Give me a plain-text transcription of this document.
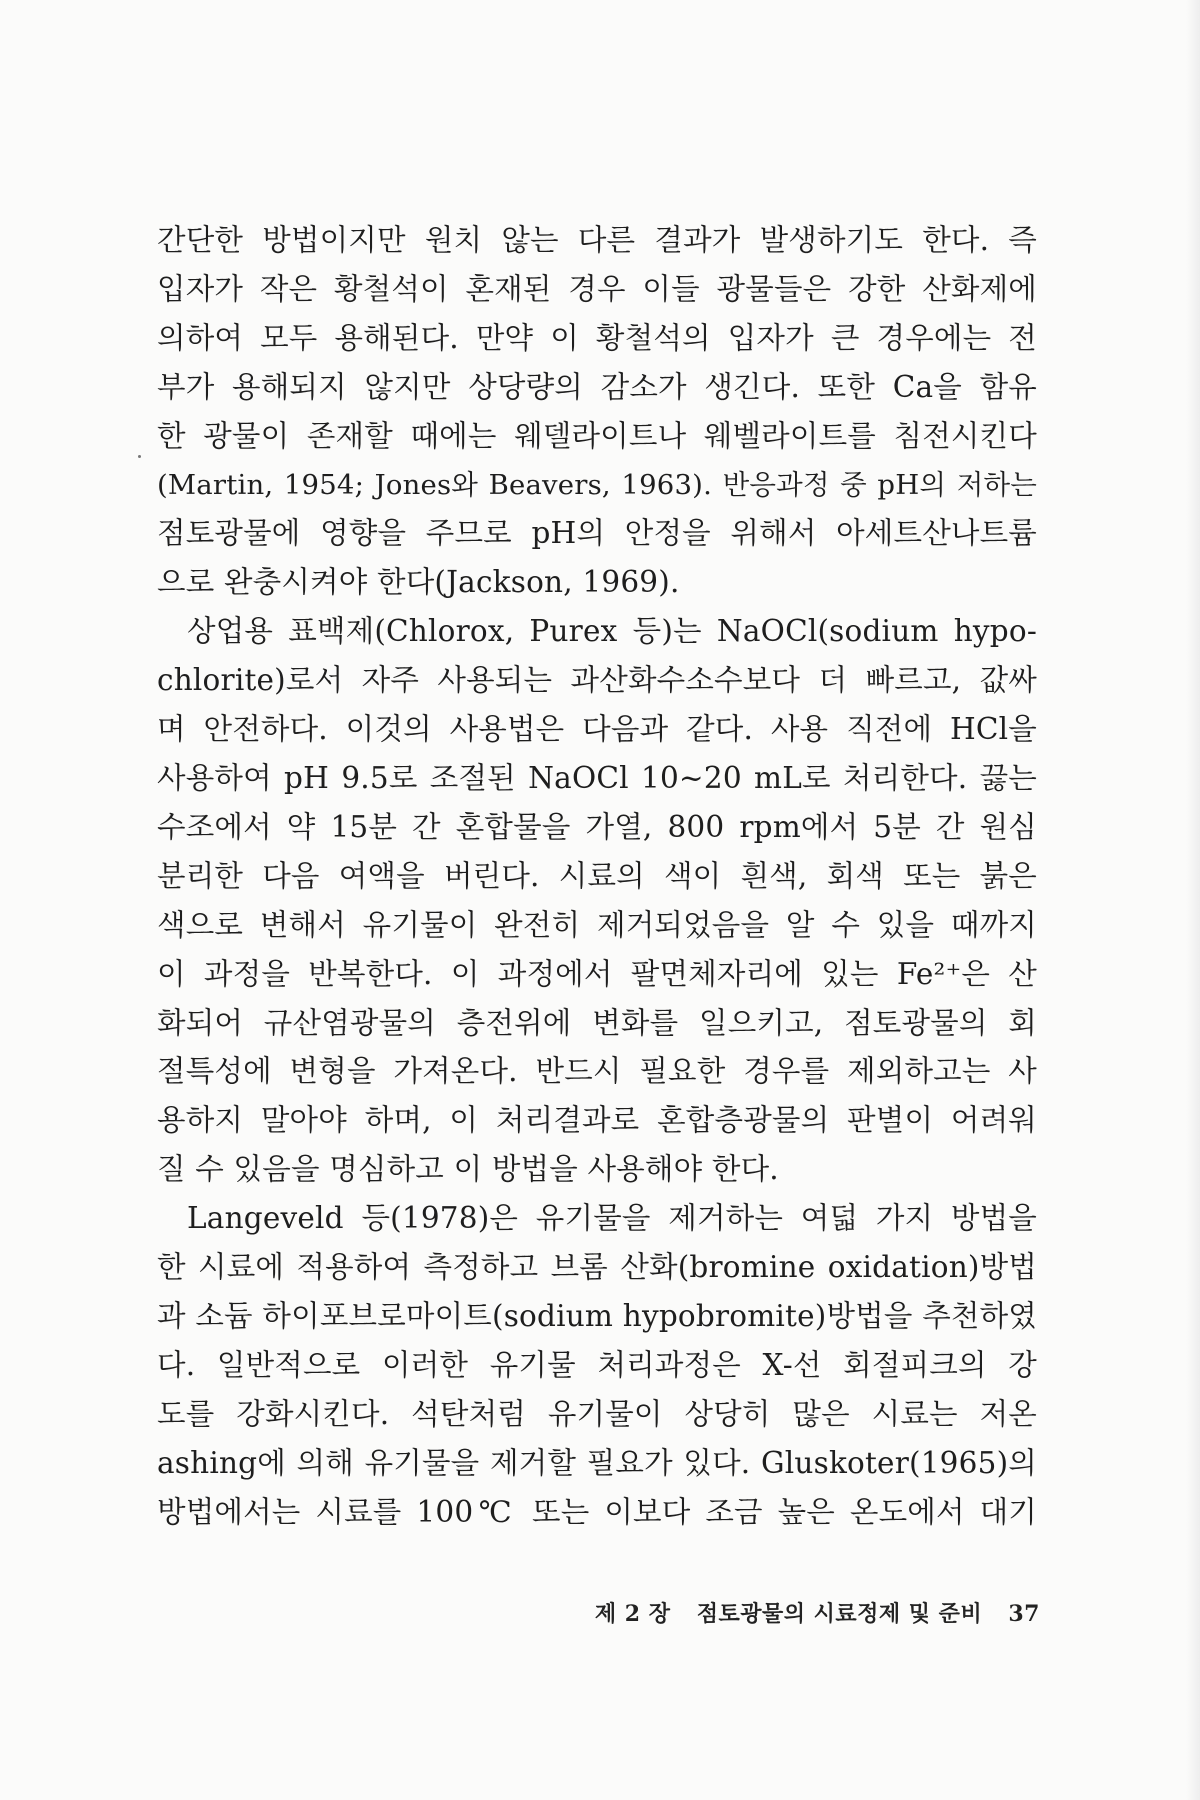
간단한 방법이지만 원치 않는 다른 결과가 발생하기도 한다. 즉
입자가 작은 황철석이 혼재된 경우 이들 광물들은 강한 산화제에
의하여 모두 용해된다. 만약 이 황철석의 입자가 큰 경우에는 전
부가 용해되지 않지만 상당량의 감소가 생긴다. 또한 Ca을 함유
한 광물이 존재할 때에는 웨델라이트나 웨벨라이트를 침전시킨다
(Martin, 1954; Jones와 Beavers, 1963). 반응과정 중 pH의 저하는
점토광물에 영향을 주므로 pH의 안정을 위해서 아세트산나트륨
으로 완충시켜야 한다(Jackson, 1969).
상업용 표백제(Chlorox, Purex 등)는 NaOCl(sodium hypo-
chlorite)로서 자주 사용되는 과산화수소수보다 더 빠르고, 값싸
며 안전하다. 이것의 사용법은 다음과 같다. 사용 직전에 HCl을
사용하여 pH 9.5로 조절된 NaOCl 10∼20 mL로 처리한다. 끓는
수조에서 약 15분 간 혼합물을 가열, 800 rpm에서 5분 간 원심
분리한 다음 여액을 버린다. 시료의 색이 흰색, 회색 또는 붉은
색으로 변해서 유기물이 완전히 제거되었음을 알 수 있을 때까지
이 과정을 반복한다. 이 과정에서 팔면체자리에 있는 Fe²⁺은 산
화되어 규산염광물의 층전위에 변화를 일으키고, 점토광물의 회
절특성에 변형을 가져온다. 반드시 필요한 경우를 제외하고는 사
용하지 말아야 하며, 이 처리결과로 혼합층광물의 판별이 어려워
질 수 있음을 명심하고 이 방법을 사용해야 한다.
Langeveld 등(1978)은 유기물을 제거하는 여덟 가지 방법을
한 시료에 적용하여 측정하고 브롬 산화(bromine oxidation)방법
과 소듐 하이포브로마이트(sodium hypobromite)방법을 추천하였
다. 일반적으로 이러한 유기물 처리과정은 X-선 회절피크의 강
도를 강화시킨다. 석탄처럼 유기물이 상당히 많은 시료는 저온
ashing에 의해 유기물을 제거할 필요가 있다. Gluskoter(1965)의
방법에서는 시료를 100℃ 또는 이보다 조금 높은 온도에서 대기
제 2 장 점토광물의 시료정제 및 준비 37
